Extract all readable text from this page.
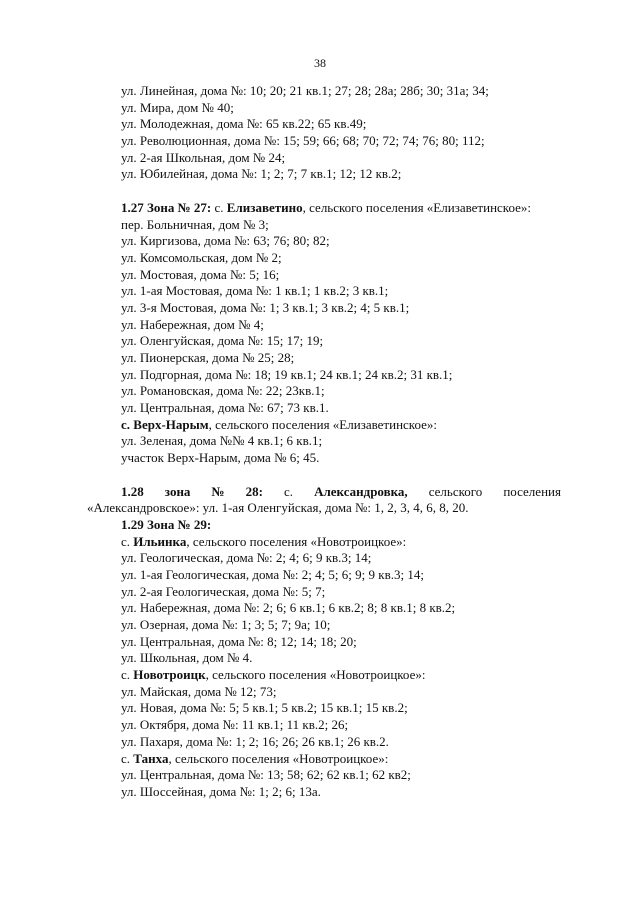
38
ул. Линейная, дома №: 10; 20; 21 кв.1; 27; 28; 28а; 28б; 30; 31а; 34;
ул. Мира, дом № 40;
ул. Молодежная, дома №: 65 кв.22; 65 кв.49;
ул. Революционная, дома №: 15; 59; 66; 68; 70; 72; 74; 76; 80; 112;
ул. 2-ая Школьная, дом № 24;
ул. Юбилейная, дома №: 1; 2; 7; 7 кв.1; 12; 12 кв.2;
1.27 Зона № 27: с. Елизаветино, сельского поселения «Елизаветинское»:
пер. Больничная, дом № 3;
ул. Киргизова, дома №: 63; 76; 80; 82;
ул. Комсомольская, дом № 2;
ул. Мостовая, дома №: 5; 16;
ул. 1-ая Мостовая, дома №: 1 кв.1; 1 кв.2; 3 кв.1;
ул. 3-я Мостовая, дома №: 1; 3 кв.1; 3 кв.2; 4; 5 кв.1;
ул. Набережная, дом № 4;
ул. Оленгуйская, дома №: 15; 17; 19;
ул. Пионерская, дома № 25; 28;
ул. Подгорная, дома №: 18; 19 кв.1; 24 кв.1; 24 кв.2; 31 кв.1;
ул. Романовская, дома №: 22; 23кв.1;
ул. Центральная, дома №: 67; 73 кв.1.
с. Верх-Нарым, сельского поселения «Елизаветинское»:
ул. Зеленая, дома №№ 4 кв.1; 6 кв.1;
участок Верх-Нарым, дома № 6; 45.
1.28 зона № 28: с. Александровка, сельского поселения
«Александровское»: ул. 1-ая Оленгуйская, дома №: 1, 2, 3, 4, 6, 8, 20.
1.29 Зона № 29:
с. Ильинка, сельского поселения «Новотроицкое»:
ул. Геологическая, дома №: 2; 4; 6; 9 кв.3; 14;
ул. 1-ая Геологическая, дома №: 2; 4; 5; 6; 9; 9 кв.3; 14;
ул. 2-ая Геологическая, дома №: 5; 7;
ул. Набережная, дома №: 2; 6; 6 кв.1; 6 кв.2; 8; 8 кв.1; 8 кв.2;
ул. Озерная, дома №: 1; 3; 5; 7; 9а; 10;
ул. Центральная, дома №: 8; 12; 14; 18; 20;
ул. Школьная, дом № 4.
с. Новотроицк, сельского поселения «Новотроицкое»:
ул. Майская, дома № 12; 73;
ул. Новая, дома №: 5; 5 кв.1; 5 кв.2; 15 кв.1; 15 кв.2;
ул. Октября, дома №: 11 кв.1; 11 кв.2; 26;
ул. Пахаря, дома №: 1; 2; 16; 26; 26 кв.1; 26 кв.2.
с. Танха, сельского поселения «Новотроицкое»:
ул. Центральная, дома №: 13; 58; 62; 62 кв.1; 62 кв2;
ул. Шоссейная, дома №: 1; 2; 6; 13а.
